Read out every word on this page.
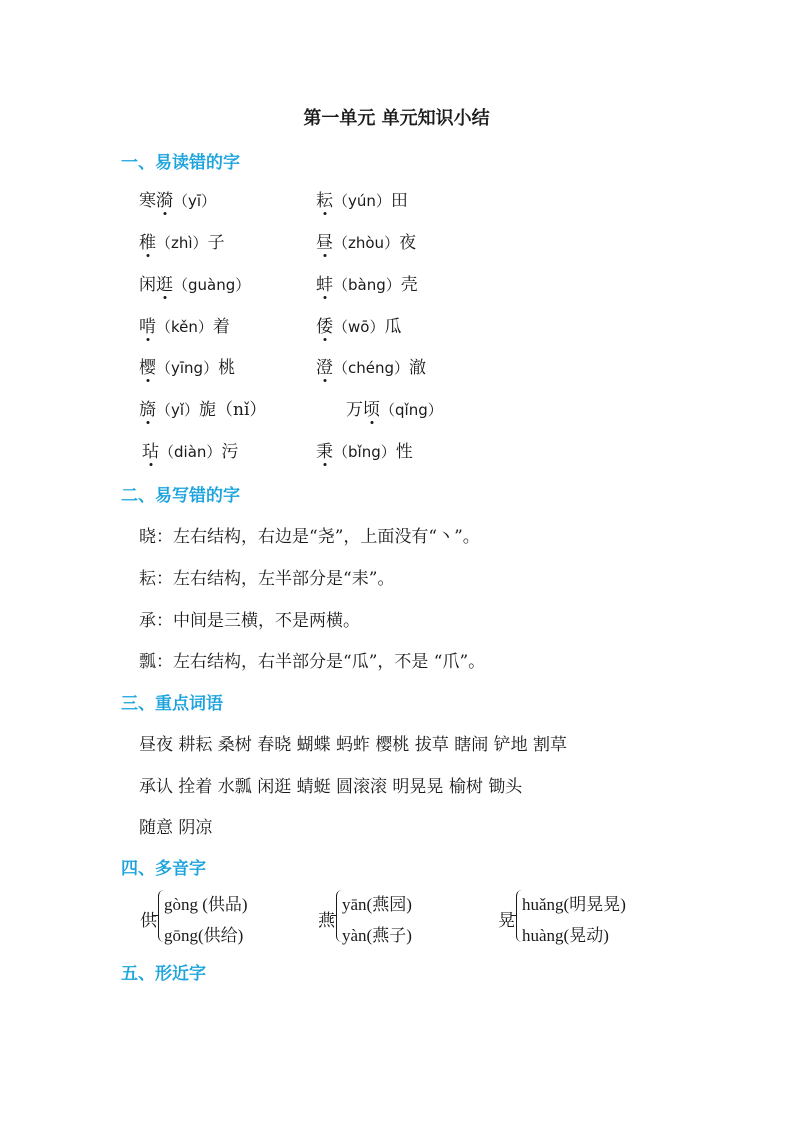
第一单元 单元知识小结
一、易读错的字
寒漪（yī）
稚（zhì）子
闲逛（guàng）
啃（kěn）着
樱（yīng）桃
旖（yǐ）旎（nǐ）
玷（diàn）污
耘（yún）田
昼（zhòu）夜
蚌（bàng）壳
倭（wō）瓜
澄（chéng）澈
万顷（qǐng）
秉（bǐng）性
二、易写错的字
晓：左右结构，右边是“尧”，上面没有“丶”。
耘：左右结构，左半部分是“耒”。
承：中间是三横，不是两横。
瓢：左右结构，右半部分是“瓜”，不是 “爪”。
三、重点词语
昼夜 耕耘 桑树 春晓 蝴蝶 蚂蚱 樱桃 拔草 瞎闹 铲地 割草
承认 拴着 水瓢 闲逛 蜻蜓 圆滚滚 明晃晃 榆树 锄头
随意 阴凉
四、多音字
供
gòng (供品)
gōng(供给)
燕
yān(燕园)
yàn(燕子)
晃
huǎng(明晃晃)
huàng(晃动)
五、形近字
